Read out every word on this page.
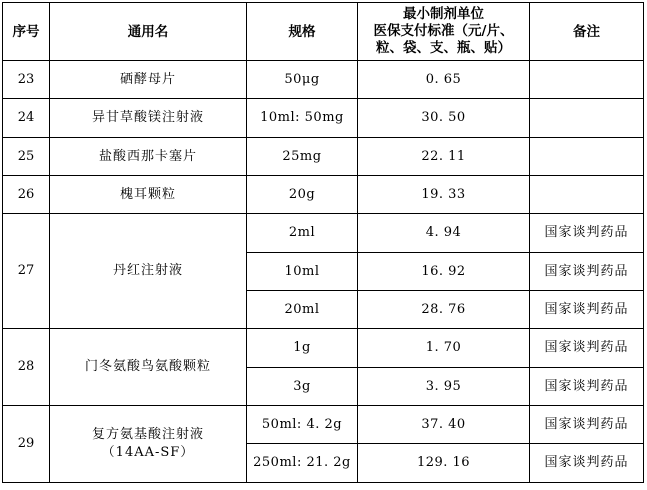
序号	通用名	规格	最小制剂单位
医保支付标准（元/片、
粒、袋、支、瓶、贴）	备注
23	硒酵母片	50μg	0. 65	
24	异甘草酸镁注射液	10ml: 50mg	30. 50	
25	盐酸西那卡塞片	25mg	22. 11	
26	槐耳颗粒	20g	19. 33	
27	丹红注射液	2ml	4. 94	国家谈判药品
		10ml	16. 92	国家谈判药品
		20ml	28. 76	国家谈判药品
28	门冬氨酸鸟氨酸颗粒	1g	1. 70	国家谈判药品
		3g	3. 95	国家谈判药品
29	复方氨基酸注射液
（14AA-SF）	50ml: 4. 2g	37. 40	国家谈判药品
		250ml: 21. 2g	129. 16	国家谈判药品
